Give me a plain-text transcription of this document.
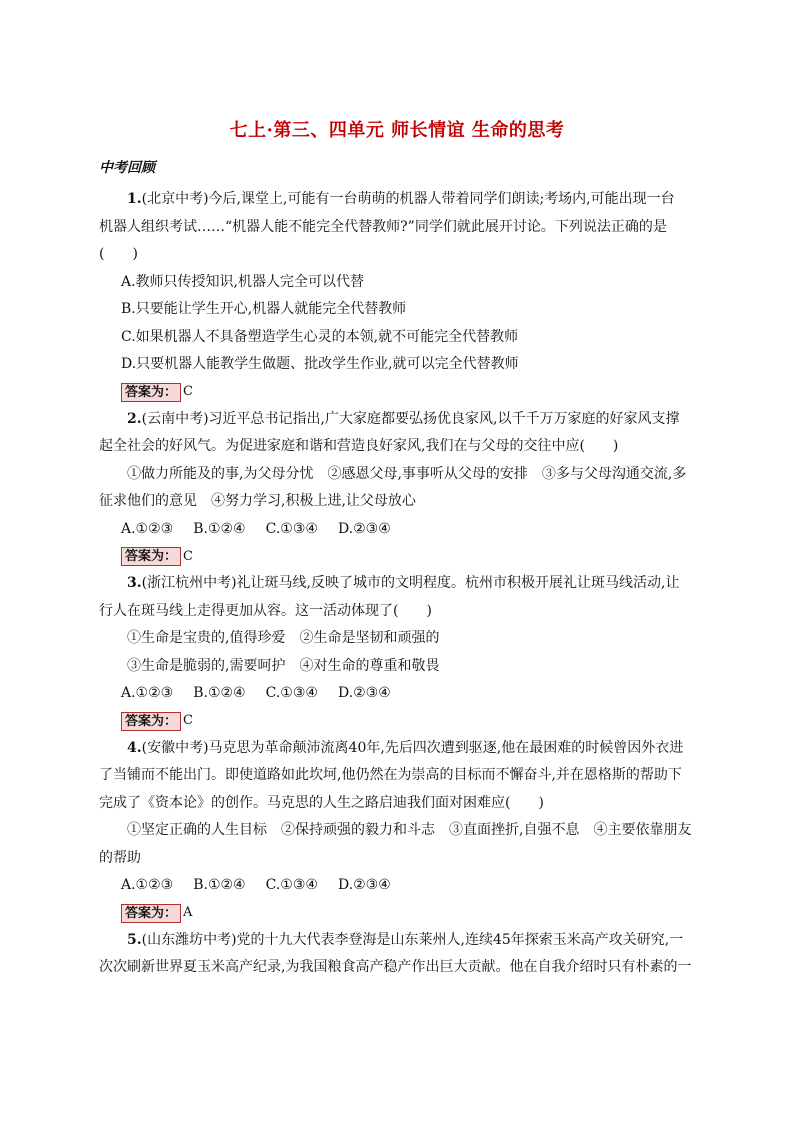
七上·第三、四单元 师长情谊 生命的思考
中考回顾

1.(北京中考)今后,课堂上,可能有一台萌萌的机器人带着同学们朗读;考场内,可能出现一台

机器人组织考试……“机器人能不能完全代替教师?”同学们就此展开讨论。下列说法正确的是

(　　)

A.教师只传授知识,机器人完全可以代替

B.只要能让学生开心,机器人就能完全代替教师

C.如果机器人不具备塑造学生心灵的本领,就不可能完全代替教师

D.只要机器人能教学生做题、批改学生作业,就可以完全代替教师

答案为： C

2.(云南中考)习近平总书记指出,广大家庭都要弘扬优良家风,以千千万万家庭的好家风支撑

起全社会的好风气。为促进家庭和谐和营造良好家风,我们在与父母的交往中应(　　)

①做力所能及的事,为父母分忧　②感恩父母,事事听从父母的安排　③多与父母沟通交流,多

征求他们的意见　④努力学习,积极上进,让父母放心

A.①②③ B.①②④ C.①③④ D.②③④

答案为： C

3.(浙江杭州中考)礼让斑马线,反映了城市的文明程度。杭州市积极开展礼让斑马线活动,让

行人在斑马线上走得更加从容。这一活动体现了(　　)

①生命是宝贵的,值得珍爱　②生命是坚韧和顽强的

③生命是脆弱的,需要呵护　④对生命的尊重和敬畏

A.①②③ B.①②④ C.①③④ D.②③④

答案为： C

4.(安徽中考)马克思为革命颠沛流离40年,先后四次遭到驱逐,他在最困难的时候曾因外衣进

了当铺而不能出门。即使道路如此坎坷,他仍然在为崇高的目标而不懈奋斗,并在恩格斯的帮助下

完成了《资本论》的创作。马克思的人生之路启迪我们面对困难应(　　)

①坚定正确的人生目标　②保持顽强的毅力和斗志　③直面挫折,自强不息　④主要依靠朋友

的帮助

A.①②③ B.①②④ C.①③④ D.②③④

答案为： A

5.(山东潍坊中考)党的十九大代表李登海是山东莱州人,连续45年探索玉米高产攻关研究,一

次次刷新世界夏玉米高产纪录,为我国粮食高产稳产作出巨大贡献。他在自我介绍时只有朴素的一
